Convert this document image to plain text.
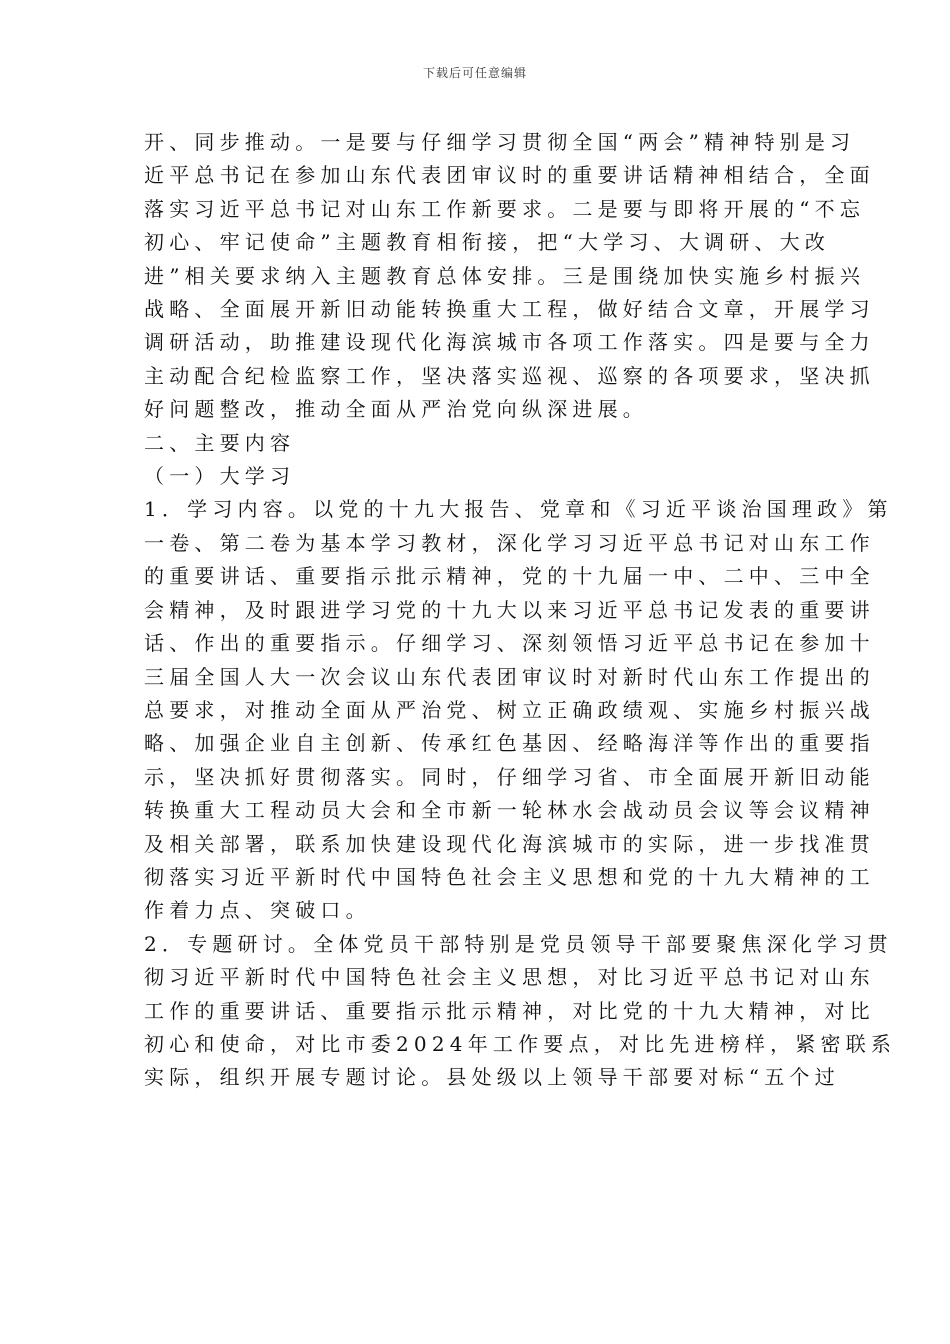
下载后可任意编辑
开、同步推动。一是要与仔细学习贯彻全国“两会”精神特别是习
近平总书记在参加山东代表团审议时的重要讲话精神相结合，全面
落实习近平总书记对山东工作新要求。二是要与即将开展的“不忘
初心、牢记使命”主题教育相衔接，把“大学习、大调研、大改
进”相关要求纳入主题教育总体安排。三是围绕加快实施乡村振兴
战略、全面展开新旧动能转换重大工程，做好结合文章，开展学习
调研活动，助推建设现代化海滨城市各项工作落实。四是要与全力
主动配合纪检监察工作，坚决落实巡视、巡察的各项要求，坚决抓
好问题整改，推动全面从严治党向纵深进展。
二、主要内容
（一）大学习
1．学习内容。以党的十九大报告、党章和《习近平谈治国理政》第
一卷、第二卷为基本学习教材，深化学习习近平总书记对山东工作
的重要讲话、重要指示批示精神，党的十九届一中、二中、三中全
会精神，及时跟进学习党的十九大以来习近平总书记发表的重要讲
话、作出的重要指示。仔细学习、深刻领悟习近平总书记在参加十
三届全国人大一次会议山东代表团审议时对新时代山东工作提出的
总要求，对推动全面从严治党、树立正确政绩观、实施乡村振兴战
略、加强企业自主创新、传承红色基因、经略海洋等作出的重要指
示，坚决抓好贯彻落实。同时，仔细学习省、市全面展开新旧动能
转换重大工程动员大会和全市新一轮林水会战动员会议等会议精神
及相关部署，联系加快建设现代化海滨城市的实际，进一步找准贯
彻落实习近平新时代中国特色社会主义思想和党的十九大精神的工
作着力点、突破口。
2．专题研讨。全体党员干部特别是党员领导干部要聚焦深化学习贯
彻习近平新时代中国特色社会主义思想，对比习近平总书记对山东
工作的重要讲话、重要指示批示精神，对比党的十九大精神，对比
初心和使命，对比市委2024年工作要点，对比先进榜样，紧密联系
实际，组织开展专题讨论。县处级以上领导干部要对标“五个过
